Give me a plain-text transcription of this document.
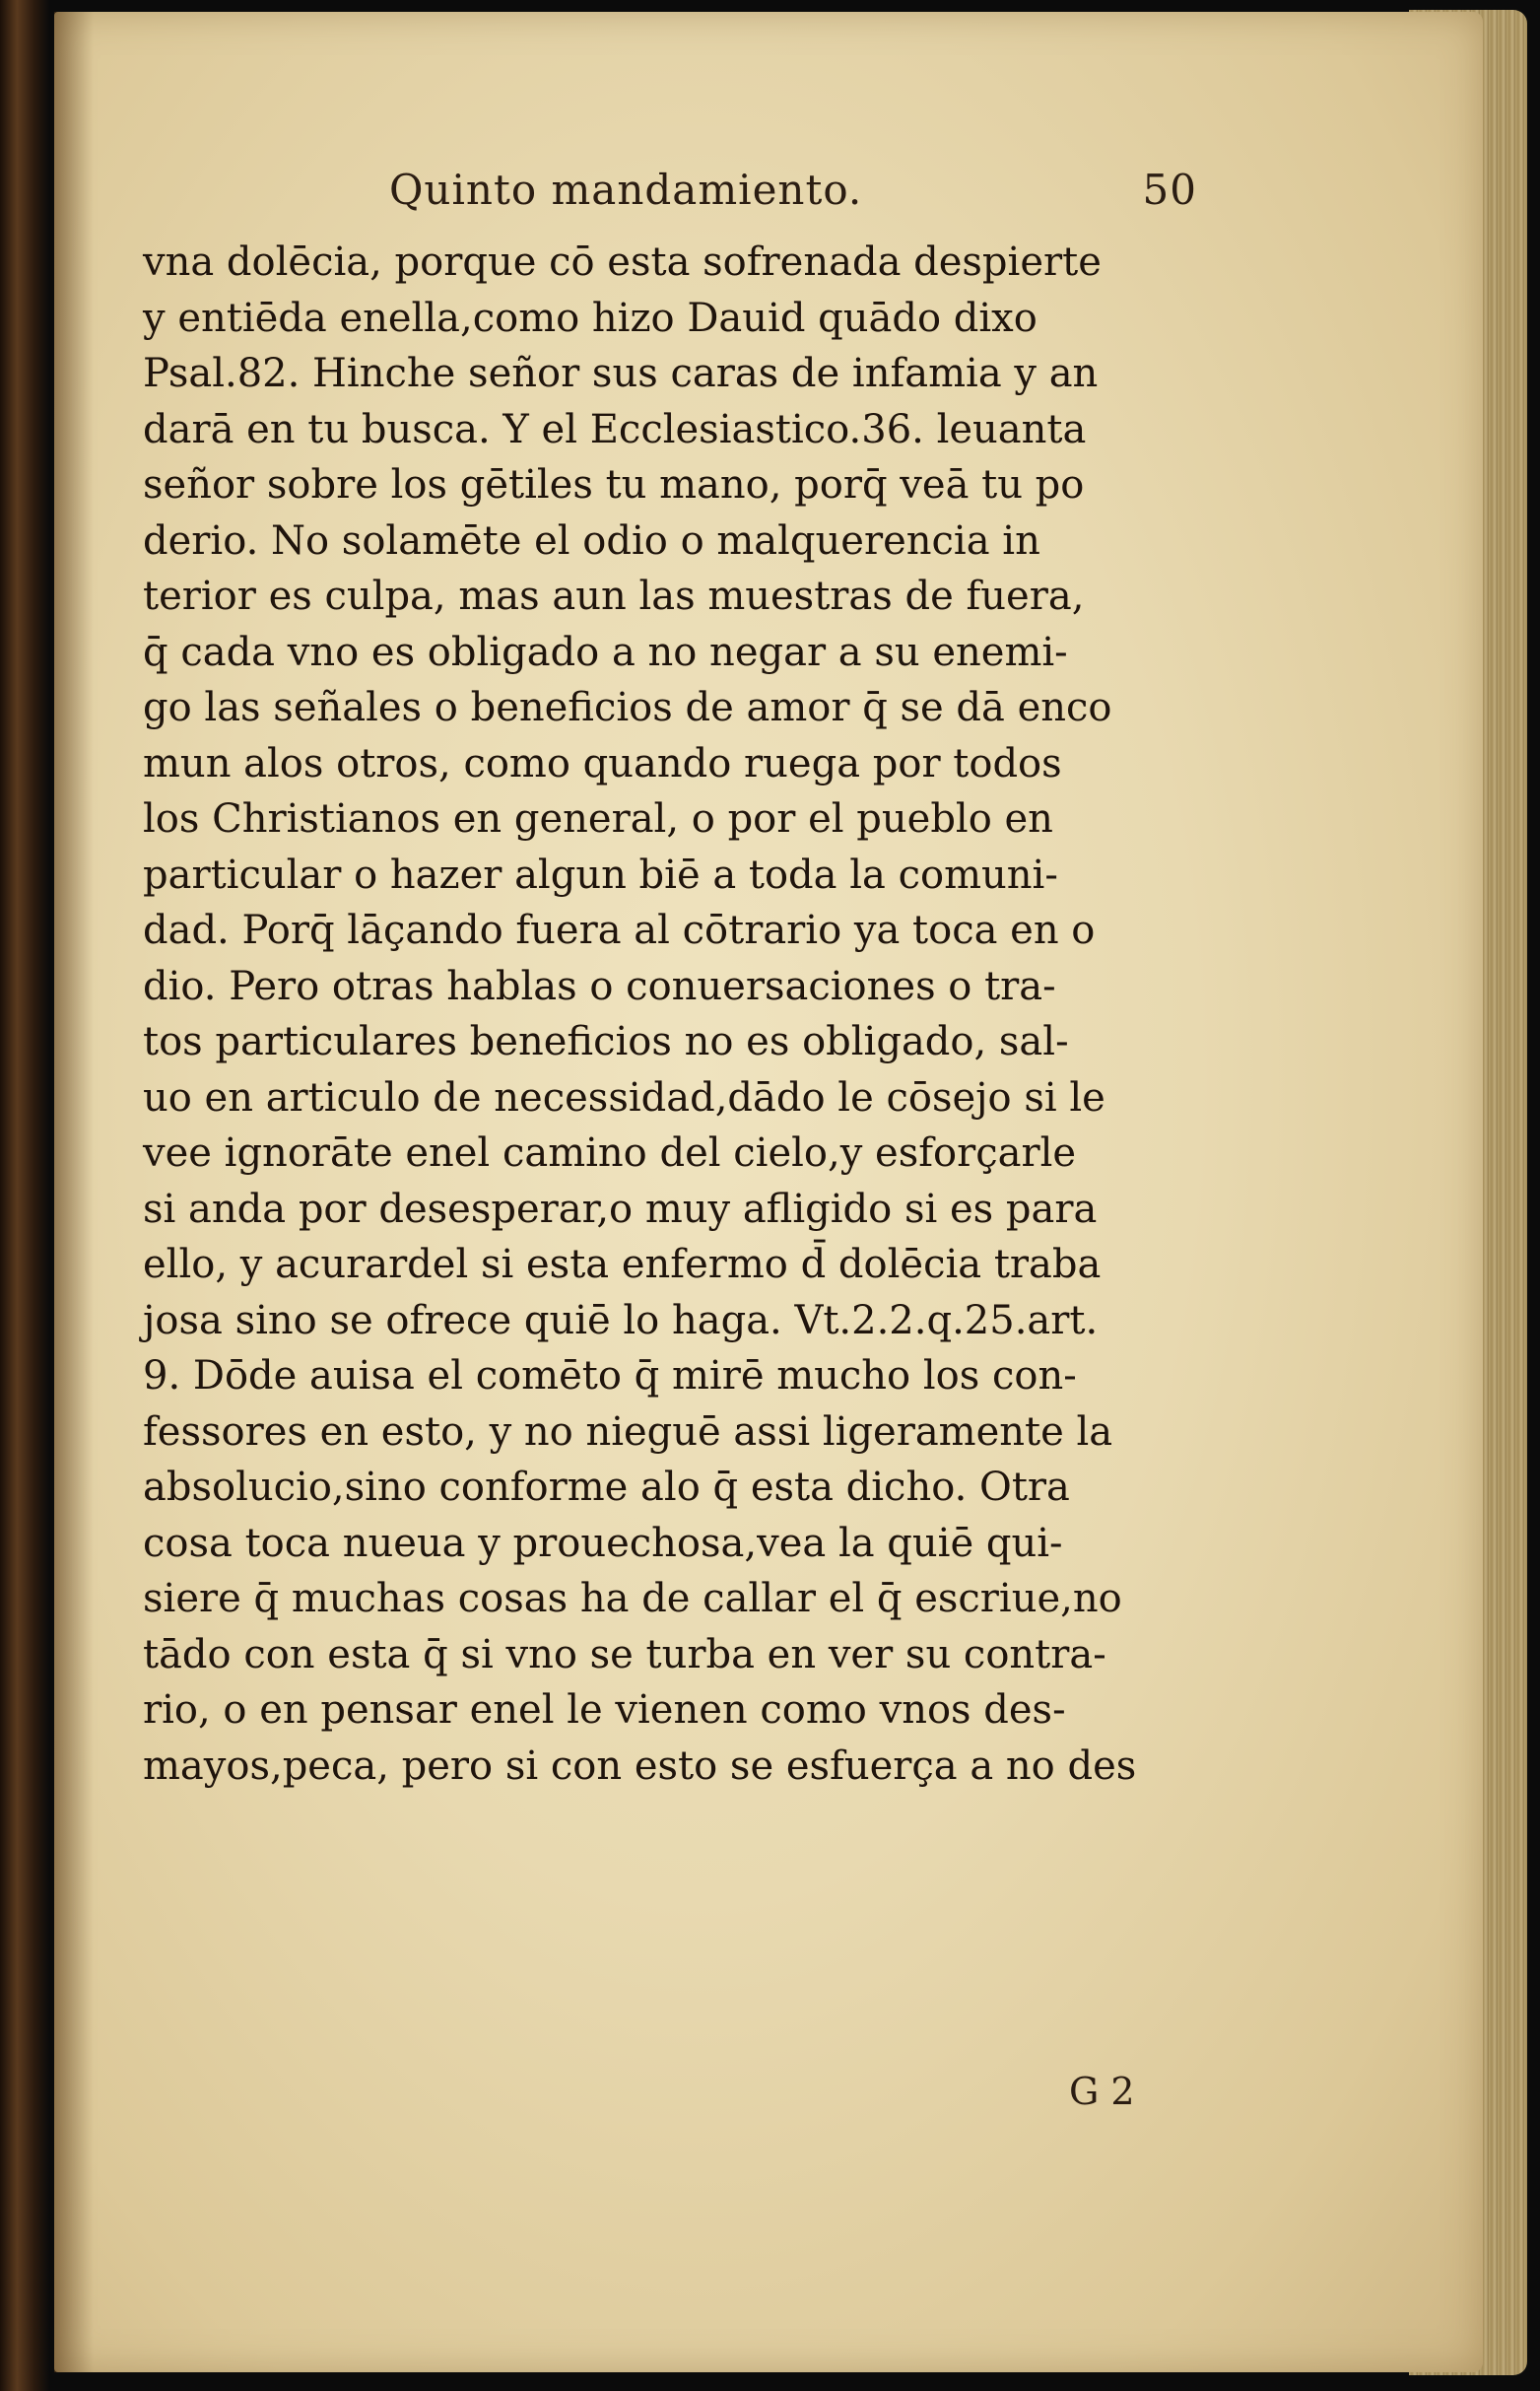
Quinto mandamiento.	50
vna dolēcia, porque cō esta sofrenada despierte
y entiēda enella,como hizo Dauid quādo dixo
Psal.82. Hinche señor sus caras de infamia y an
darā en tu busca. Y el Ecclesiastico.36. leuanta
señor sobre los gētiles tu mano, porq̄ veā tu po
derio. No solamēte el odio o malquerencia in
terior es culpa, mas aun las muestras de fuera,
q̄ cada vno es obligado a no negar a su enemi-
go las señales o beneficios de amor q̄ se dā enco
mun alos otros, como quando ruega por todos
los Christianos en general, o por el pueblo en
particular o hazer algun biē a toda la comuni-
dad. Porq̄ lāçando fuera al cōtrario ya toca en o
dio. Pero otras hablas o conuersaciones o tra-
tos particulares beneficios no es obligado, sal-
uo en articulo de necessidad,dādo le cōsejo si le
vee ignorāte enel camino del cielo,y esforçarle
si anda por desesperar,o muy afligido si es para
ello, y acurardel si esta enfermo d̄ dolēcia traba
josa sino se ofrece quiē lo haga. Vt.2.2.q.25.art.
9. Dōde auisa el comēto q̄ mirē mucho los con-
fessores en esto, y no nieguē assi ligeramente la
absolucio,sino conforme alo q̄ esta dicho. Otra
cosa toca nueua y prouechosa,vea la quiē qui-
siere q̄ muchas cosas ha de callar el q̄ escriue,no
tādo con esta q̄ si vno se turba en ver su contra-
rio, o en pensar enel le vienen como vnos des-
mayos,peca, pero si con esto se esfuerça a no des
G 2
